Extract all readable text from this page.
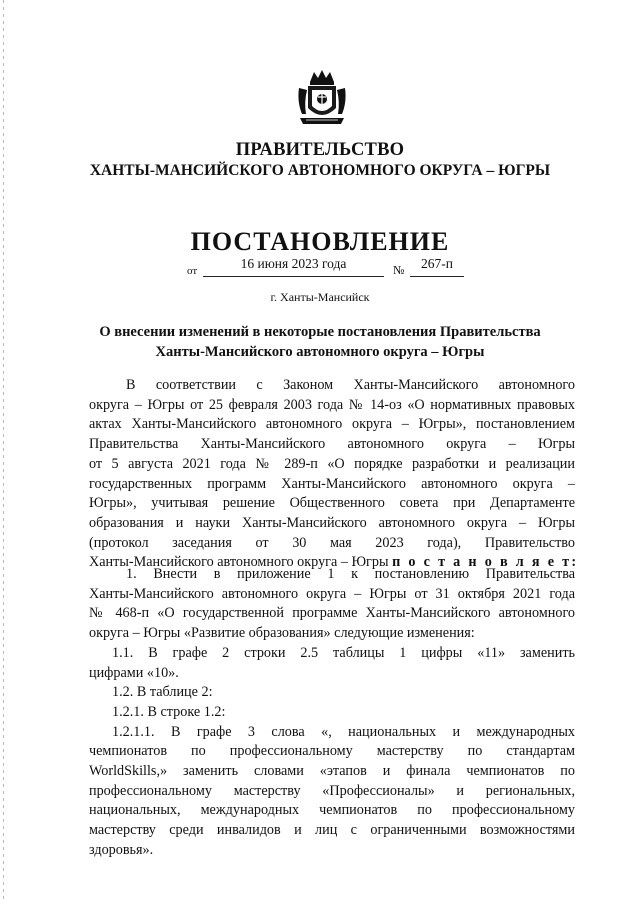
ПРАВИТЕЛЬСТВО
ХАНТЫ-МАНСИЙСКОГО АВТОНОМНОГО ОКРУГА – ЮГРЫ
ПОСТАНОВЛЕНИЕ
от	16 июня 2023 года	№	267-п
г. Ханты-Мансийск
О внесении изменений в некоторые постановления Правительства
Ханты-Мансийского автономного округа – Югры
В соответствии с Законом Ханты-Мансийского автономного
округа – Югры от 25 февраля 2003 года № 14-оз «О нормативных правовых
актах Ханты-Мансийского автономного округа – Югры», постановлением
Правительства Ханты-Мансийского автономного округа – Югры
от 5 августа 2021 года № 289-п «О порядке разработки и реализации
государственных программ Ханты-Мансийского автономного округа –
Югры», учитывая решение Общественного совета при Департаменте
образования и науки Ханты-Мансийского автономного округа – Югры
(протокол заседания от 30 мая 2023 года), Правительство
Ханты-Мансийского автономного округа – Югры п о с т а н о в л я е т:
1. Внести в приложение 1 к постановлению Правительства
Ханты-Мансийского автономного округа – Югры от 31 октября 2021 года
№ 468-п «О государственной программе Ханты-Мансийского автономного
округа – Югры «Развитие образования» следующие изменения:
1.1. В графе 2 строки 2.5 таблицы 1 цифры «11» заменить
цифрами «10».
1.2. В таблице 2:
1.2.1. В строке 1.2:
1.2.1.1. В графе 3 слова «, национальных и международных
чемпионатов по профессиональному мастерству по стандартам
WorldSkills,» заменить словами «этапов и финала чемпионатов по
профессиональному мастерству «Профессионалы» и региональных,
национальных, международных чемпионатов по профессиональному
мастерству среди инвалидов и лиц с ограниченными возможностями
здоровья».
